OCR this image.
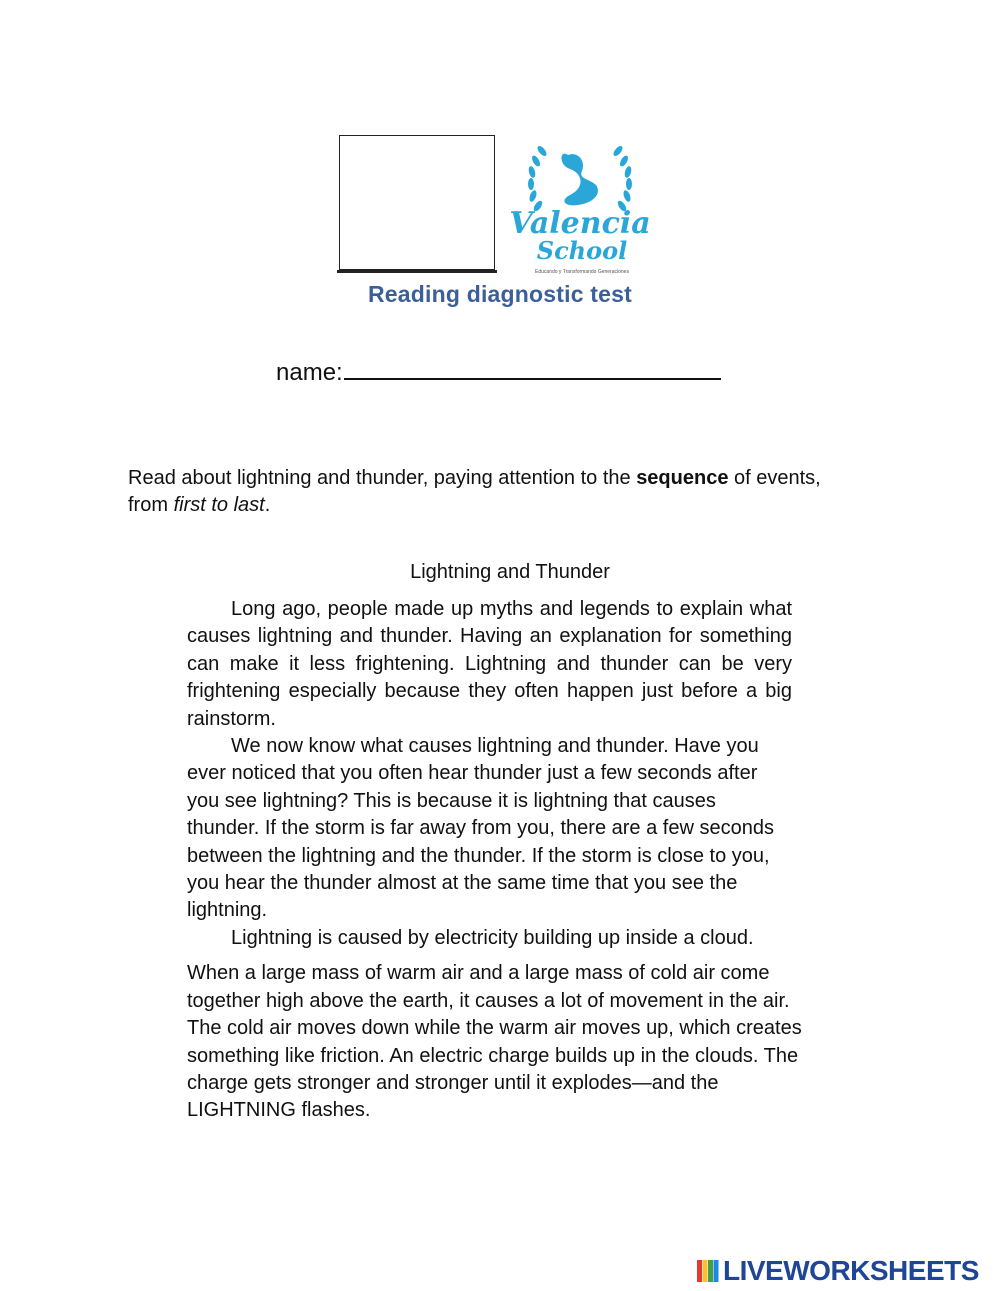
Valencia
School
Educando y Transformando Generaciones
Reading diagnostic test
name:
Read about lightning and thunder, paying attention to the sequence of events, from first to last.
Lightning and Thunder

Long ago, people made up myths and legends to explain what causes lightning and thunder. Having an explanation for something can make it less frightening. Lightning and thunder can be very frightening especially because they often happen just before a big rainstorm.

We now know what causes lightning and thunder. Have you ever noticed that you often hear thunder just a few seconds after you see lightning? This is because it is lightning that causes thunder. If the storm is far away from you, there are a few seconds between the lightning and the thunder. If the storm is close to you, you hear the thunder almost at the same time that you see the lightning.

Lightning is caused by electricity building up inside a cloud.

When a large mass of warm air and a large mass of cold air come together high above the earth, it causes a lot of movement in the air. The cold air moves down while the warm air moves up, which creates something like friction. An electric charge builds up in the clouds. The charge gets stronger and stronger until it explodes—and the LIGHTNING flashes.

LIVEWORKSHEETS
